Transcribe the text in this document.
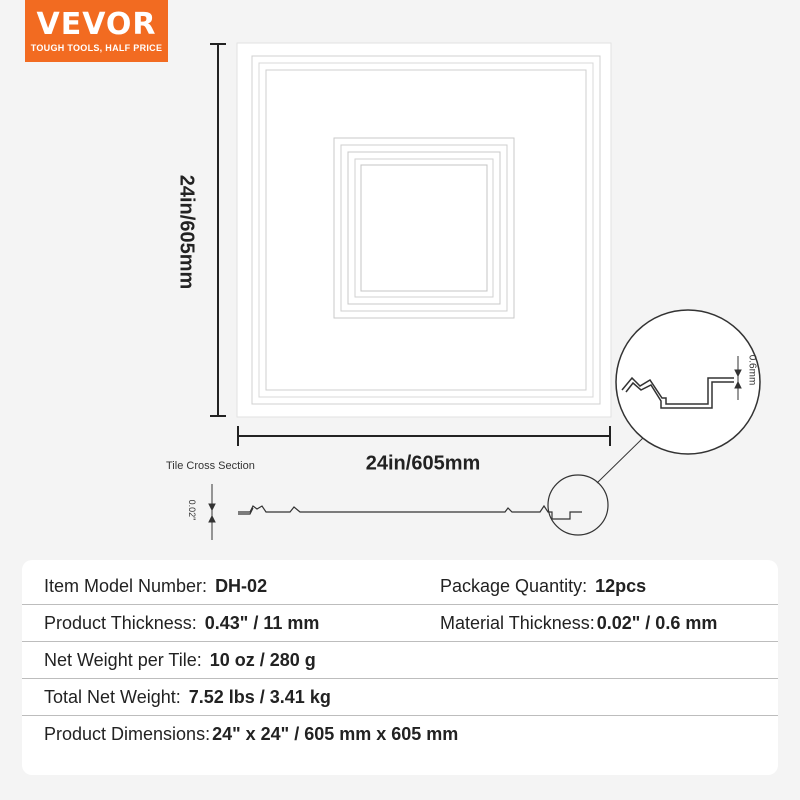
VEVOR
TOUGH TOOLS, HALF PRICE
24in/605mm
24in/605mm
Tile Cross Section
0.02"
0.6mm
Item Model Number: DH-02	Package Quantity: 12pcs
Product Thickness: 0.43" / 11 mm	Material Thickness: 0.02" / 0.6 mm
Net Weight per Tile: 10 oz / 280 g
Total Net Weight: 7.52 lbs / 3.41 kg
Product Dimensions: 24" x 24" / 605 mm x 605 mm
